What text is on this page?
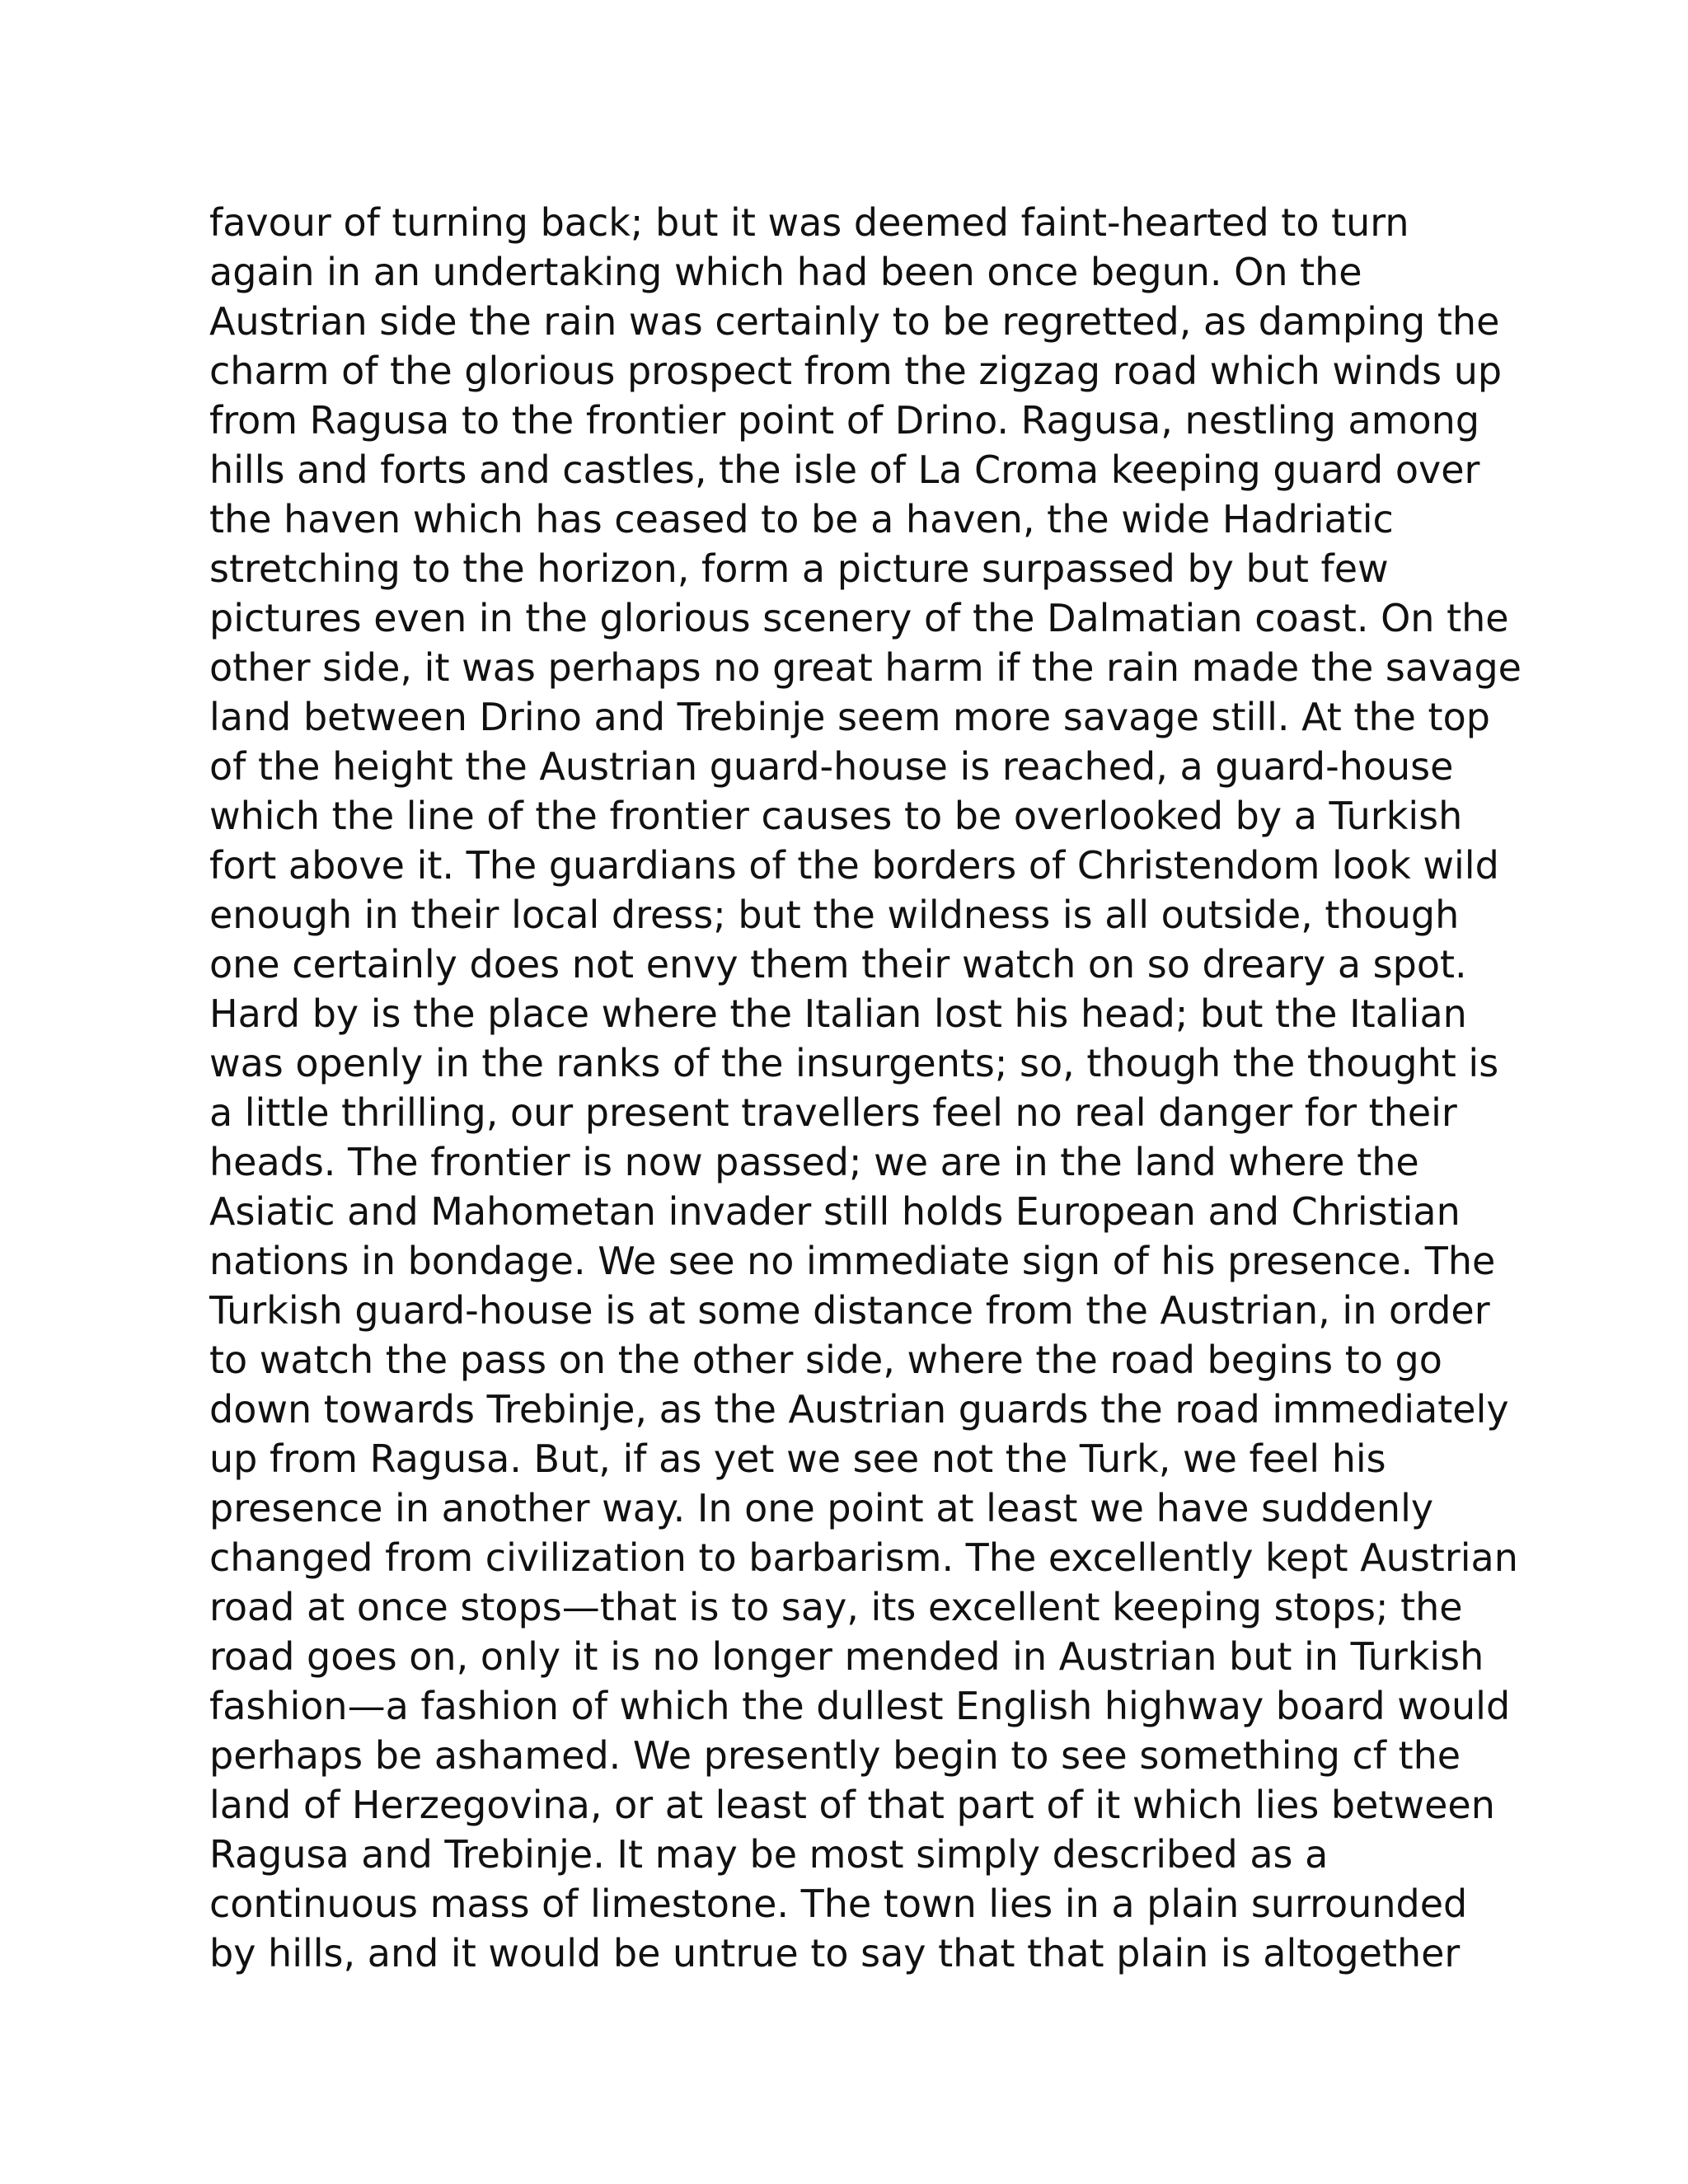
favour of turning back; but it was deemed faint-hearted to turn
again in an undertaking which had been once begun. On the
Austrian side the rain was certainly to be regretted, as damping the
charm of the glorious prospect from the zigzag road which winds up
from Ragusa to the frontier point of Drino. Ragusa, nestling among
hills and forts and castles, the isle of La Croma keeping guard over
the haven which has ceased to be a haven, the wide Hadriatic
stretching to the horizon, form a picture surpassed by but few
pictures even in the glorious scenery of the Dalmatian coast. On the
other side, it was perhaps no great harm if the rain made the savage
land between Drino and Trebinje seem more savage still. At the top
of the height the Austrian guard-house is reached, a guard-house
which the line of the frontier causes to be overlooked by a Turkish
fort above it. The guardians of the borders of Christendom look wild
enough in their local dress; but the wildness is all outside, though
one certainly does not envy them their watch on so dreary a spot.
Hard by is the place where the Italian lost his head; but the Italian
was openly in the ranks of the insurgents; so, though the thought is
a little thrilling, our present travellers feel no real danger for their
heads. The frontier is now passed; we are in the land where the
Asiatic and Mahometan invader still holds European and Christian
nations in bondage. We see no immediate sign of his presence. The
Turkish guard-house is at some distance from the Austrian, in order
to watch the pass on the other side, where the road begins to go
down towards Trebinje, as the Austrian guards the road immediately
up from Ragusa. But, if as yet we see not the Turk, we feel his
presence in another way. In one point at least we have suddenly
changed from civilization to barbarism. The excellently kept Austrian
road at once stops—that is to say, its excellent keeping stops; the
road goes on, only it is no longer mended in Austrian but in Turkish
fashion—a fashion of which the dullest English highway board would
perhaps be ashamed. We presently begin to see something cf the
land of Herzegovina, or at least of that part of it which lies between
Ragusa and Trebinje. It may be most simply described as a
continuous mass of limestone. The town lies in a plain surrounded
by hills, and it would be untrue to say that that plain is altogether
